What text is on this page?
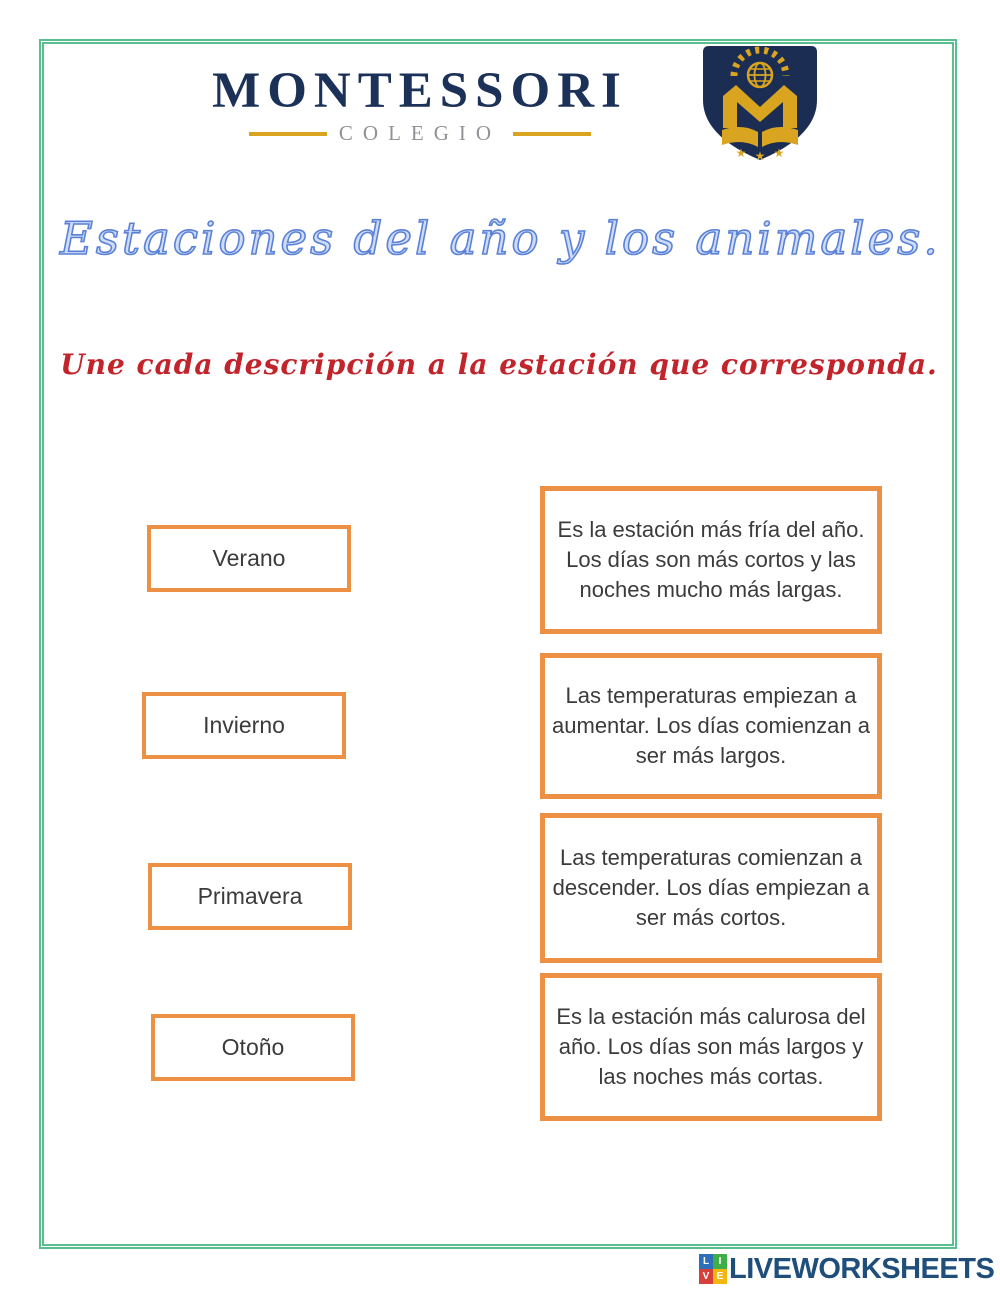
MONTESSORI
COLEGIO
★ ★ ★
Estaciones del año y los animales.
Une cada descripción a la estación que corresponda.
Verano
Invierno
Primavera
Otoño
Es la estación más fría del año. Los días son más cortos y las noches mucho más largas.
Las temperaturas empiezan a aumentar. Los días comienzan a ser más largos.
Las temperaturas comienzan a descender. Los días empiezan a ser más cortos.
Es la estación más calurosa del año. Los días son más largos y las noches más cortas.
L I
V E LIVEWORKSHEETS
